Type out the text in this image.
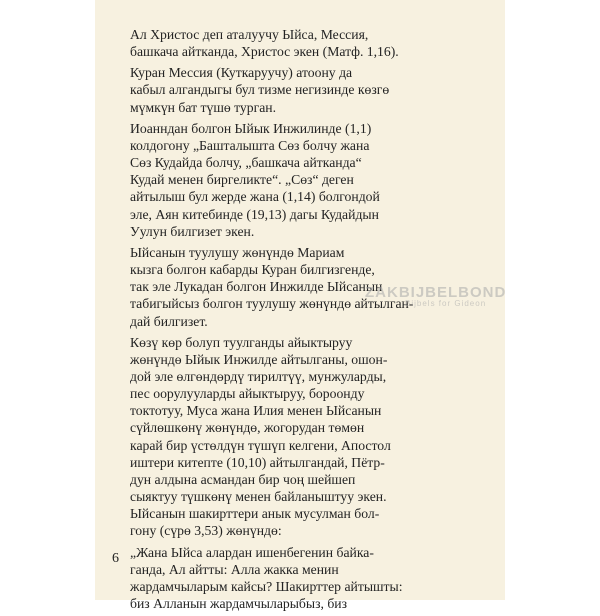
Ал Христос деп аталуучу Ыйса, Мессия,
башкача айтканда, Христос экен (Матф. 1,16).

Куран Мессия (Куткаруучу) атоону да
кабыл алгандыгы бул тизме негизинде көзгө
мүмкүн бат түшө турган.

Иоанндан болгон Ыйык Инжилинде (1,1)
колдогону „Башталышта Сөз болчу жана
Сөз Кудайда болчу, „башкача айтканда“
Кудай менен биргеликте“. „Сөз“ деген
айтылыш бул жерде жана (1,14) болгондой
эле, Аян китебинде (19,13) дагы Кудайдын
Уулун билгизет экен.

Ыйсанын туулушу жөнүндө Мариам
кызга болгон кабарды Куран билгизгенде,
так эле Лукадан болгон Инжилде Ыйсанын
табигыйсыз болгон туулушу жөнүндө айтылган-
дай билгизет.

Көзү көр болуп туулганды айыктыруу
жөнүндө Ыйык Инжилде айтылганы, ошон-
дой эле өлгөндөрдү тирилтүү, мунжуларды,
пес оорулууларды айыктыруу, бороонду
токтотуу, Муса жана Илия менен Ыйсанын
сүйлөшкөнү жөнүндө, жогорудан төмөн
карай бир үстөлдүн түшүп келгени, Апостол
иштери китепте (10,10) айтылгандай, Пётр-
дун алдына асмандан бир чоң шейшеп
сыяктуу түшкөнү менен байланыштуу экен.
Ыйсанын шакирттери анык мусулман бол-
гону (сүрө 3,53) жөнүндө:

„Жана Ыйса алардан ишенбегенин байка-
ганда, Ал айтты: Алла жакка менин
жардамчыларым кайсы? Шакирттер айтышты:
биз Алланын жардамчыларыбыз, биз

6
ZAKBIJBELBOND
Bijbels for Gideon
